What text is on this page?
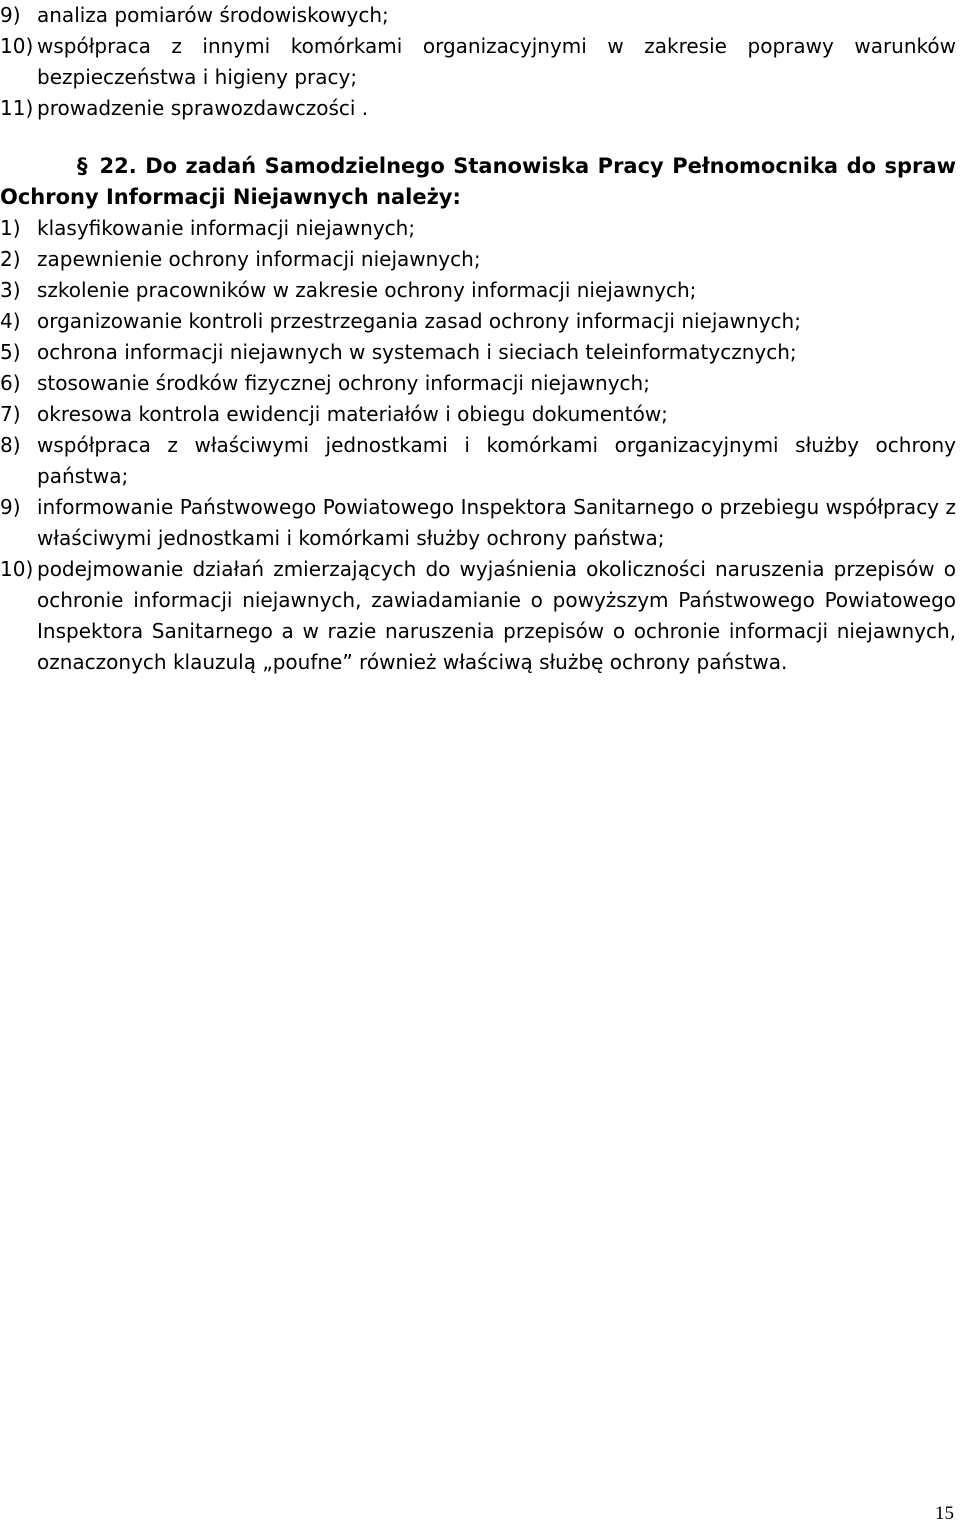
9) analiza pomiarów środowiskowych;
10) współpraca z innymi komórkami organizacyjnymi w zakresie poprawy warunków bezpieczeństwa i higieny pracy;
11) prowadzenie sprawozdawczości .
§ 22. Do zadań Samodzielnego Stanowiska Pracy Pełnomocnika do spraw Ochrony Informacji Niejawnych należy:
1) klasyfikowanie informacji niejawnych;
2) zapewnienie ochrony informacji niejawnych;
3) szkolenie pracowników w zakresie ochrony informacji niejawnych;
4) organizowanie kontroli przestrzegania zasad ochrony informacji niejawnych;
5) ochrona informacji niejawnych w systemach i sieciach teleinformatycznych;
6) stosowanie środków fizycznej ochrony informacji niejawnych;
7) okresowa kontrola ewidencji materiałów i obiegu dokumentów;
8) współpraca z właściwymi jednostkami i komórkami organizacyjnymi służby ochrony państwa;
9) informowanie Państwowego Powiatowego Inspektora Sanitarnego o przebiegu współpracy z właściwymi jednostkami i komórkami służby ochrony państwa;
10) podejmowanie działań zmierzających do wyjaśnienia okoliczności naruszenia przepisów o ochronie informacji niejawnych, zawiadamianie o powyższym Państwowego Powiatowego Inspektora Sanitarnego a w razie naruszenia przepisów o ochronie informacji niejawnych, oznaczonych klauzulą „poufne” również właściwą służbę ochrony państwa.
15
